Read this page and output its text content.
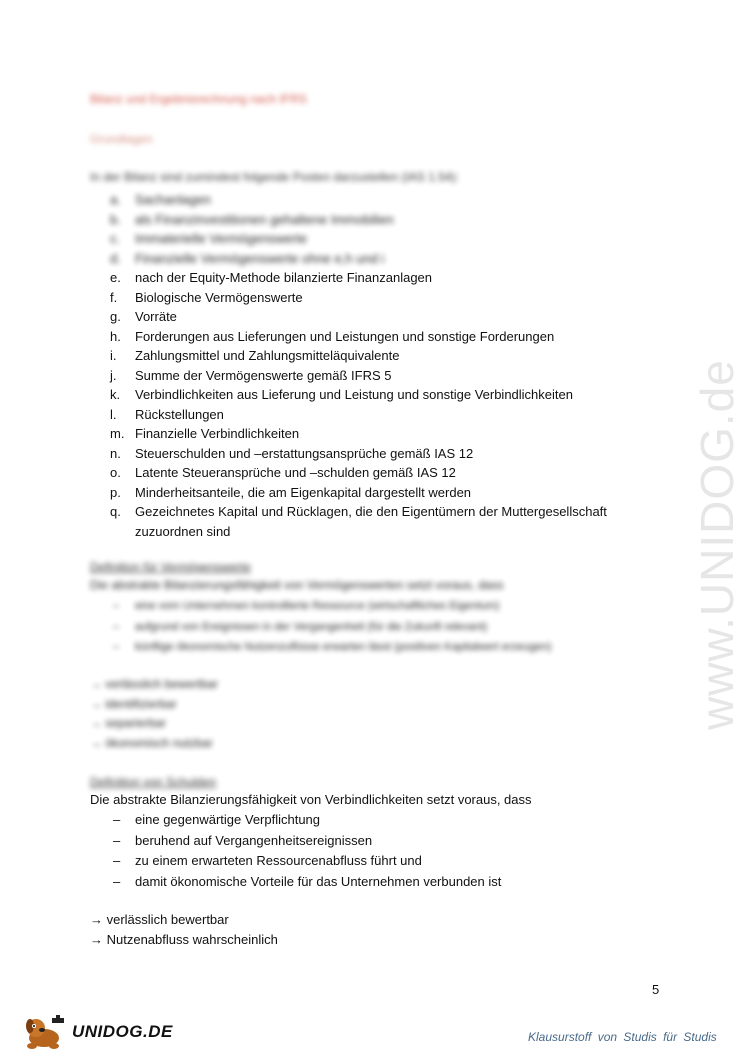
www.UNIDOG.de
Bilanz und Ergebnisrechnung nach IFRS
Grundlagen
In der Bilanz sind zumindest folgende Posten darzustellen (IAS 1.54):
a.	Sachanlagen
b.	als Finanzinvestitionen gehaltene Immobilien
c.	Immaterielle Vermögenswerte
d.	Finanzielle Vermögenswerte ohne e,h und i
e.	nach der Equity-Methode bilanzierte Finanzanlagen
f.	Biologische Vermögenswerte
g.	Vorräte
h.	Forderungen aus Lieferungen und Leistungen und sonstige Forderungen
i.	Zahlungsmittel und Zahlungsmitteläquivalente
j.	Summe der Vermögenswerte gemäß IFRS 5
k.	Verbindlichkeiten aus Lieferung und Leistung und sonstige Verbindlichkeiten
l.	Rückstellungen
m. Finanzielle Verbindlichkeiten
n.	Steuerschulden und –erstattungsansprüche gemäß IAS 12
o.	Latente Steueransprüche und –schulden gemäß IAS 12
p.	Minderheitsanteile, die am Eigenkapital dargestellt werden
q.	Gezeichnetes Kapital und Rücklagen, die den Eigentümern der Muttergesellschaft zuzuordnen sind
Definition für Vermögenswerte
Die abstrakte Bilanzierungsfähigkeit von Vermögenswerten setzt voraus, dass
–	eine vom Unternehmen kontrollierte Ressource (wirtschaftliches Eigentum)
–	aufgrund von Ereignissen in der Vergangenheit (für die Zukunft relevant)
–	künftige ökonomische Nutzenzuflüsse erwarten lässt (positiven Kapitalwert erzeugen)
→ verlässlich bewertbar
→ identifizierbar
→ separierbar
→ ökonomisch nutzbar
Definition von Schulden
Die abstrakte Bilanzierungsfähigkeit von Verbindlichkeiten setzt voraus, dass
–	eine gegenwärtige Verpflichtung
–	beruhend auf Vergangenheitsereignissen
–	zu einem erwarteten Ressourcenabfluss führt und
–	damit ökonomische Vorteile für das Unternehmen verbunden ist
→ verlässlich bewertbar
→ Nutzenabfluss wahrscheinlich
5
UNIDOG.DE	Klausurstoff von Studis für Studis
